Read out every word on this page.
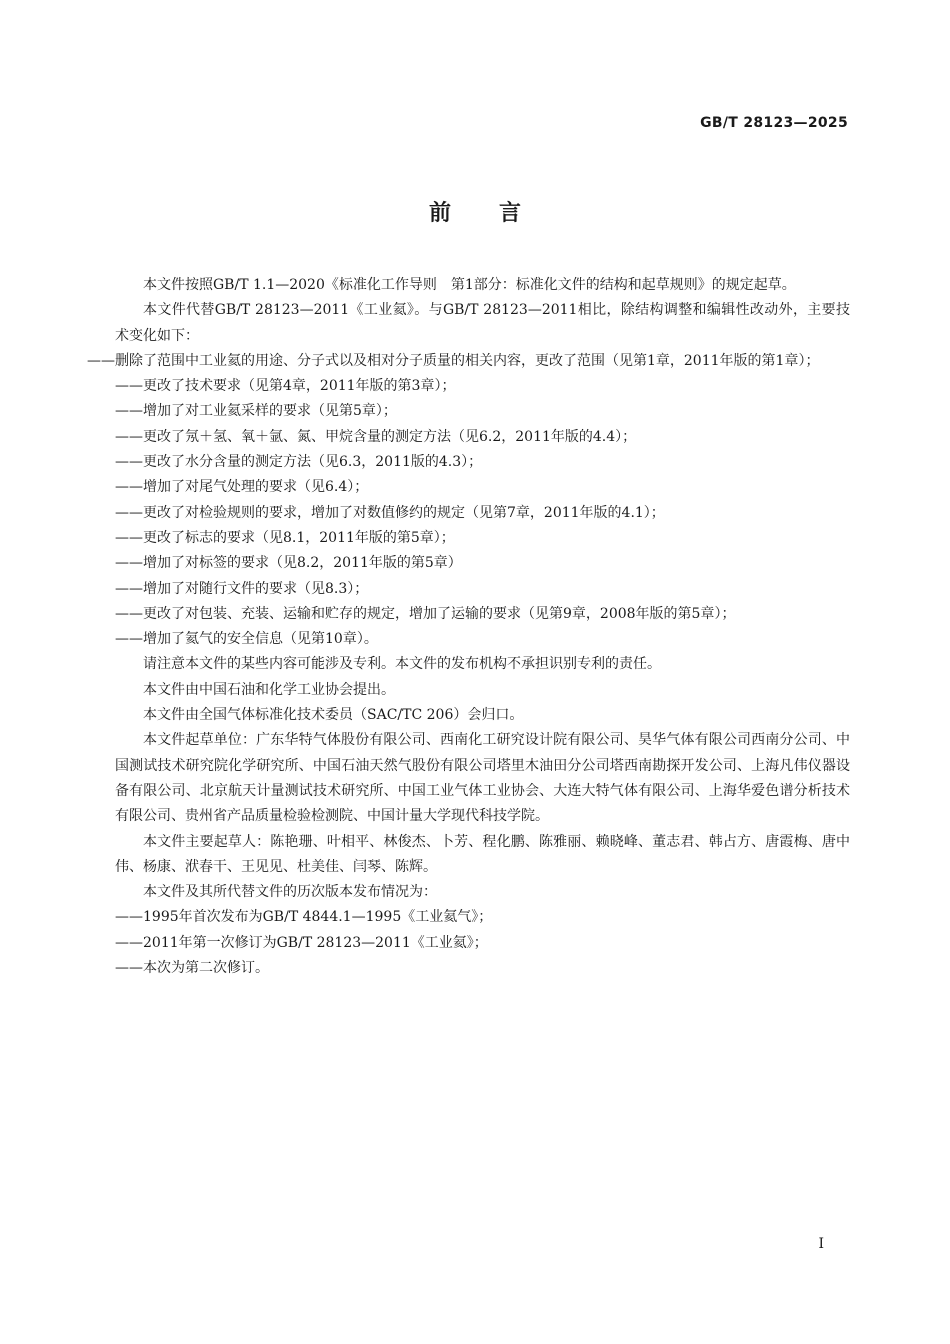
GB/T 28123—2025
前言

本文件按照GB/T 1.1—2020《标准化工作导则　第1部分：标准化文件的结构和起草规则》的规定起草。

本文件代替GB/T 28123—2011《工业氦》。与GB/T 28123—2011相比，除结构调整和编辑性改动外，主要技术变化如下：

——删除了范围中工业氦的用途、分子式以及相对分子质量的相关内容，更改了范围（见第1章，2011年版的第1章）；

——更改了技术要求（见第4章，2011年版的第3章）；

——增加了对工业氦采样的要求（见第5章）；

——更改了氖＋氢、氧＋氩、氮、甲烷含量的测定方法（见6.2，2011年版的4.4）；

——更改了水分含量的测定方法（见6.3，2011版的4.3）；

——增加了对尾气处理的要求（见6.4）；

——更改了对检验规则的要求，增加了对数值修约的规定（见第7章，2011年版的4.1）；

——更改了标志的要求（见8.1，2011年版的第5章）；

——增加了对标签的要求（见8.2，2011年版的第5章）

——增加了对随行文件的要求（见8.3）；

——更改了对包装、充装、运输和贮存的规定，增加了运输的要求（见第9章，2008年版的第5章）；

——增加了氦气的安全信息（见第10章）。

请注意本文件的某些内容可能涉及专利。本文件的发布机构不承担识别专利的责任。

本文件由中国石油和化学工业协会提出。

本文件由全国气体标准化技术委员（SAC/TC 206）会归口。

本文件起草单位：广东华特气体股份有限公司、西南化工研究设计院有限公司、昊华气体有限公司西南分公司、中国测试技术研究院化学研究所、中国石油天然气股份有限公司塔里木油田分公司塔西南勘探开发公司、上海凡伟仪器设备有限公司、北京航天计量测试技术研究所、中国工业气体工业协会、大连大特气体有限公司、上海华爱色谱分析技术有限公司、贵州省产品质量检验检测院、中国计量大学现代科技学院。

本文件主要起草人：陈艳珊、叶相平、林俊杰、卜芳、程化鹏、陈雅丽、赖晓峰、董志君、韩占方、唐霞梅、唐中伟、杨康、洑春干、王见见、杜美佳、闫琴、陈辉。

本文件及其所代替文件的历次版本发布情况为：

——1995年首次发布为GB/T 4844.1—1995《工业氦气》；

——2011年第一次修订为GB/T 28123—2011《工业氦》；

——本次为第二次修订。

I
